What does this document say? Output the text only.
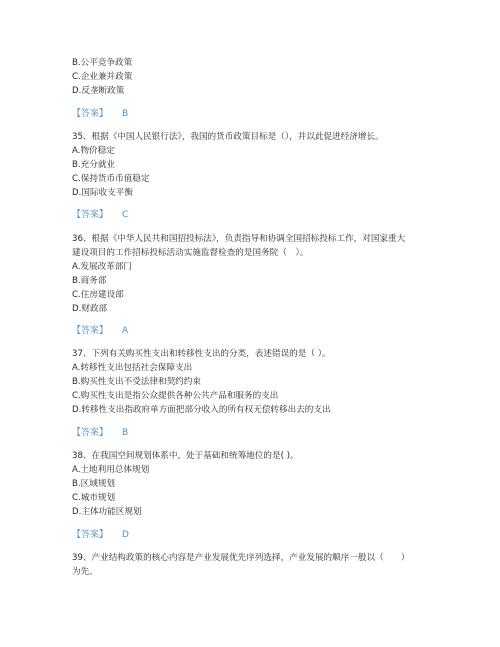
B.公平竞争政策
C.企业兼并政策
D.反垄断政策
【答案】 B
35、根据《中国人民银行法》，我国的货币政策目标是（），并以此促进经济增长。
A.物价稳定
B.充分就业
C.保持货币币值稳定
D.国际收支平衡
【答案】 C
36、根据《中华人民共和国招投标法》，负责指导和协调全国招标投标工作，对国家重大
建设项目的工作招标投标活动实施监督检查的是国务院（　）。
A.发展改革部门
B.商务部
C.住房建设部
D.财政部
【答案】 A
37、下列有关购买性支出和转移性支出的分类，表述错误的是（ ）。
A.转移性支出包括社会保障支出
B.购买性支出不受法律和契约约束
C.购买性支出是指公众提供各种公共产品和服务的支出
D.转移性支出指政府单方面把部分收入的所有权无偿转移出去的支出
【答案】 B
38、在我国空间规划体系中，处于基础和统筹地位的是( )。
A.土地利用总体规划
B.区域规划
C.城市规划
D.主体功能区规划
【答案】 D
39、产业结构政策的核心内容是产业发展优先序列选择，产业发展的顺序一般以（　　）
为先。
